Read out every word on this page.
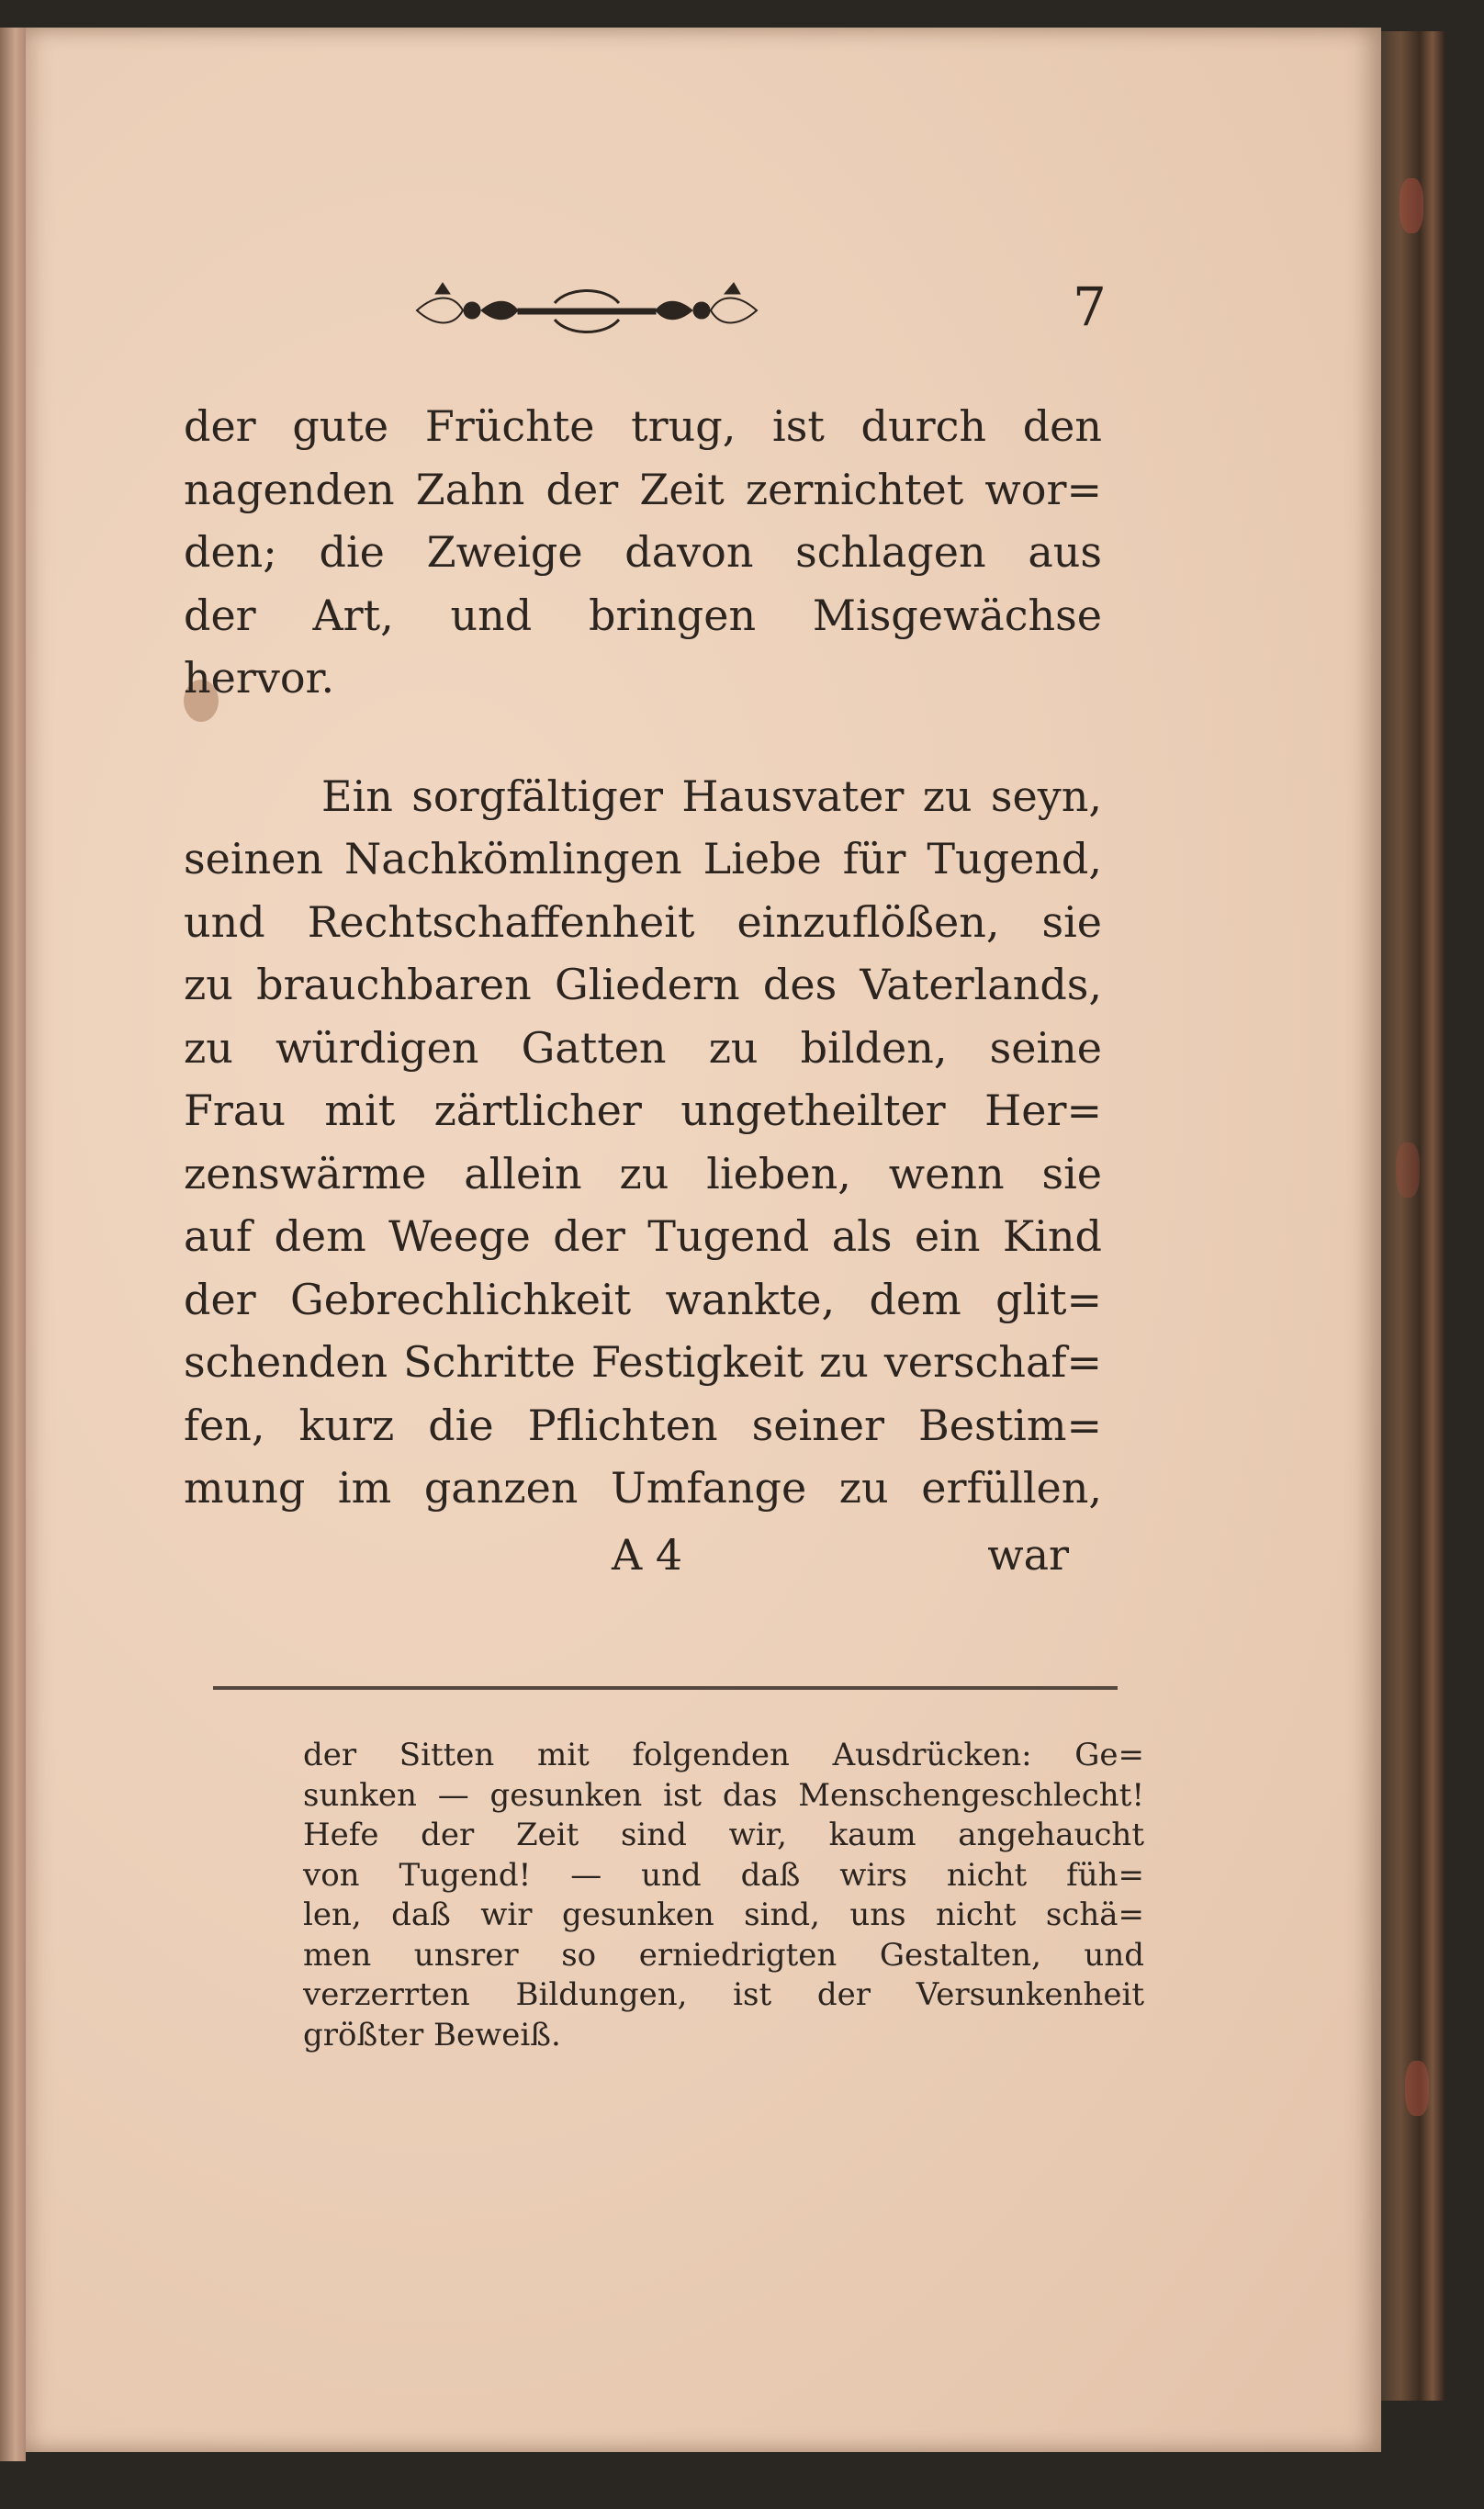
7

der gute Früchte trug, ist durch den
nagenden Zahn der Zeit zernichtet wor=
den; die Zweige davon schlagen aus
der Art, und bringen Misgewächse
hervor.

Ein sorgfältiger Hausvater zu seyn,
seinen Nachkömlingen Liebe für Tugend,
und Rechtschaffenheit einzuflößen, sie
zu brauchbaren Gliedern des Vaterlands,
zu würdigen Gatten zu bilden, seine
Frau mit zärtlicher ungetheilter Her=
zenswärme allein zu lieben, wenn sie
auf dem Weege der Tugend als ein Kind
der Gebrechlichkeit wankte, dem glit=
schenden Schritte Festigkeit zu verschaf=
fen, kurz die Pflichten seiner Bestim=
mung im ganzen Umfange zu erfüllen,

A 4	war
der Sitten mit folgenden Ausdrücken: Ge=
sunken — gesunken ist das Menschengeschlecht!
Hefe der Zeit sind wir, kaum angehaucht
von Tugend! — und daß wirs nicht füh=
len, daß wir gesunken sind, uns nicht schä=
men unsrer so erniedrigten Gestalten, und
verzerrten Bildungen, ist der Versunkenheit
größter Beweiß.
